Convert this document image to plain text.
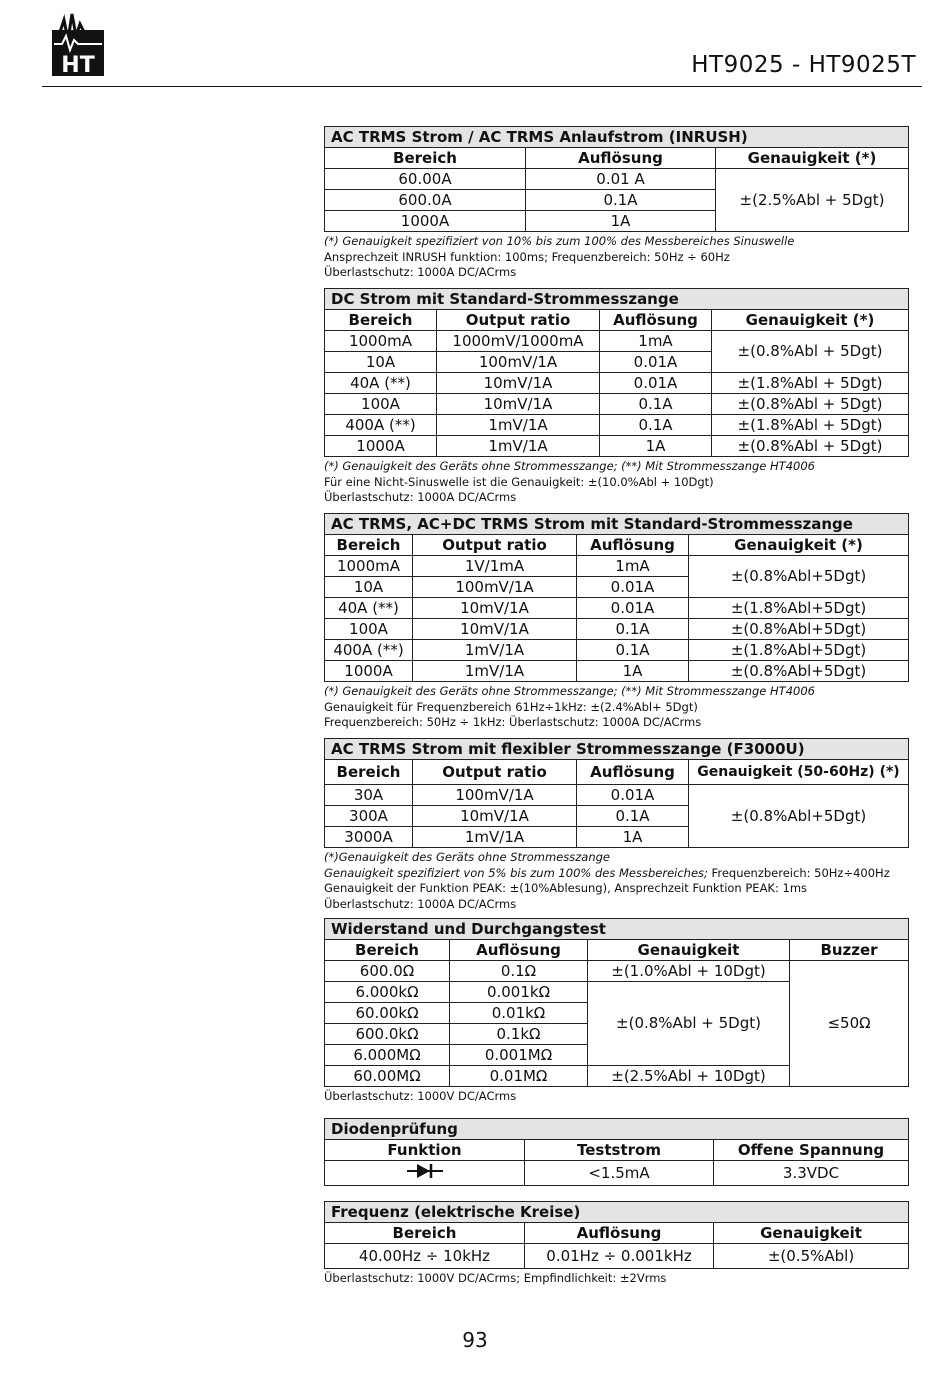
HT	HT9025 - HT9025T
AC TRMS Strom / AC TRMS Anlaufstrom (INRUSH)		
Bereich	Auflösung	Genauigkeit (*)
60.00A	0.01 A	±(2.5%Abl + 5Dgt)
600.0A	0.1A	
1000A	1A	
(*) Genauigkeit spezifiziert von 10% bis zum 100% des Messbereiches Sinuswelle
Ansprechzeit INRUSH funktion: 100ms; Frequenzbereich: 50Hz ÷ 60Hz
Überlastschutz: 1000A DC/ACrms
DC Strom mit Standard-Strommesszange			
Bereich	Output ratio	Auflösung	Genauigkeit (*)
1000mA	1000mV/1000mA	1mA	±(0.8%Abl + 5Dgt)
10A	100mV/1A	0.01A	
40A (**)	10mV/1A	0.01A	±(1.8%Abl + 5Dgt)
100A	10mV/1A	0.1A	±(0.8%Abl + 5Dgt)
400A (**)	1mV/1A	0.1A	±(1.8%Abl + 5Dgt)
1000A	1mV/1A	1A	±(0.8%Abl + 5Dgt)
(*) Genauigkeit des Geräts ohne Strommesszange; (**) Mit Strommesszange HT4006
Für eine Nicht-Sinuswelle ist die Genauigkeit: ±(10.0%Abl + 10Dgt)
Überlastschutz: 1000A DC/ACrms
AC TRMS, AC+DC TRMS Strom mit Standard-Strommesszange			
Bereich	Output ratio	Auflösung	Genauigkeit (*)
1000mA	1V/1mA	1mA	±(0.8%Abl+5Dgt)
10A	100mV/1A	0.01A	
40A (**)	10mV/1A	0.01A	±(1.8%Abl+5Dgt)
100A	10mV/1A	0.1A	±(0.8%Abl+5Dgt)
400A (**)	1mV/1A	0.1A	±(1.8%Abl+5Dgt)
1000A	1mV/1A	1A	±(0.8%Abl+5Dgt)
(*) Genauigkeit des Geräts ohne Strommesszange; (**) Mit Strommesszange HT4006
Genauigkeit für Frequenzbereich 61Hz÷1kHz: ±(2.4%Abl+ 5Dgt)
Frequenzbereich: 50Hz ÷ 1kHz: Überlastschutz: 1000A DC/ACrms
AC TRMS Strom mit flexibler Strommesszange (F3000U)			
Bereich	Output ratio	Auflösung	Genauigkeit (50-60Hz) (*)
30A	100mV/1A	0.01A	±(0.8%Abl+5Dgt)
300A	10mV/1A	0.1A	
3000A	1mV/1A	1A	
(*)Genauigkeit des Geräts ohne Strommesszange
Genauigkeit spezifiziert von 5% bis zum 100% des Messbereiches; Frequenzbereich: 50Hz÷400Hz
Genauigkeit der Funktion PEAK: ±(10%Ablesung), Ansprechzeit Funktion PEAK: 1ms
Überlastschutz: 1000A DC/ACrms
Widerstand und Durchgangstest			
Bereich	Auflösung	Genauigkeit	Buzzer
600.0Ω	0.1Ω	±(1.0%Abl + 10Dgt)	≤50Ω
6.000kΩ	0.001kΩ	±(0.8%Abl + 5Dgt)	
60.00kΩ	0.01kΩ		
600.0kΩ	0.1kΩ		
6.000MΩ	0.001MΩ		
60.00MΩ	0.01MΩ	±(2.5%Abl + 10Dgt)	
Überlastschutz: 1000V DC/ACrms
Diodenprüfung		
Funktion	Teststrom	Offene Spannung
	<1.5mA	3.3VDC
Frequenz (elektrische Kreise)		
Bereich	Auflösung	Genauigkeit
40.00Hz ÷ 10kHz	0.01Hz ÷ 0.001kHz	±(0.5%Abl)
Überlastschutz: 1000V DC/ACrms; Empfindlichkeit: ±2Vrms
93
